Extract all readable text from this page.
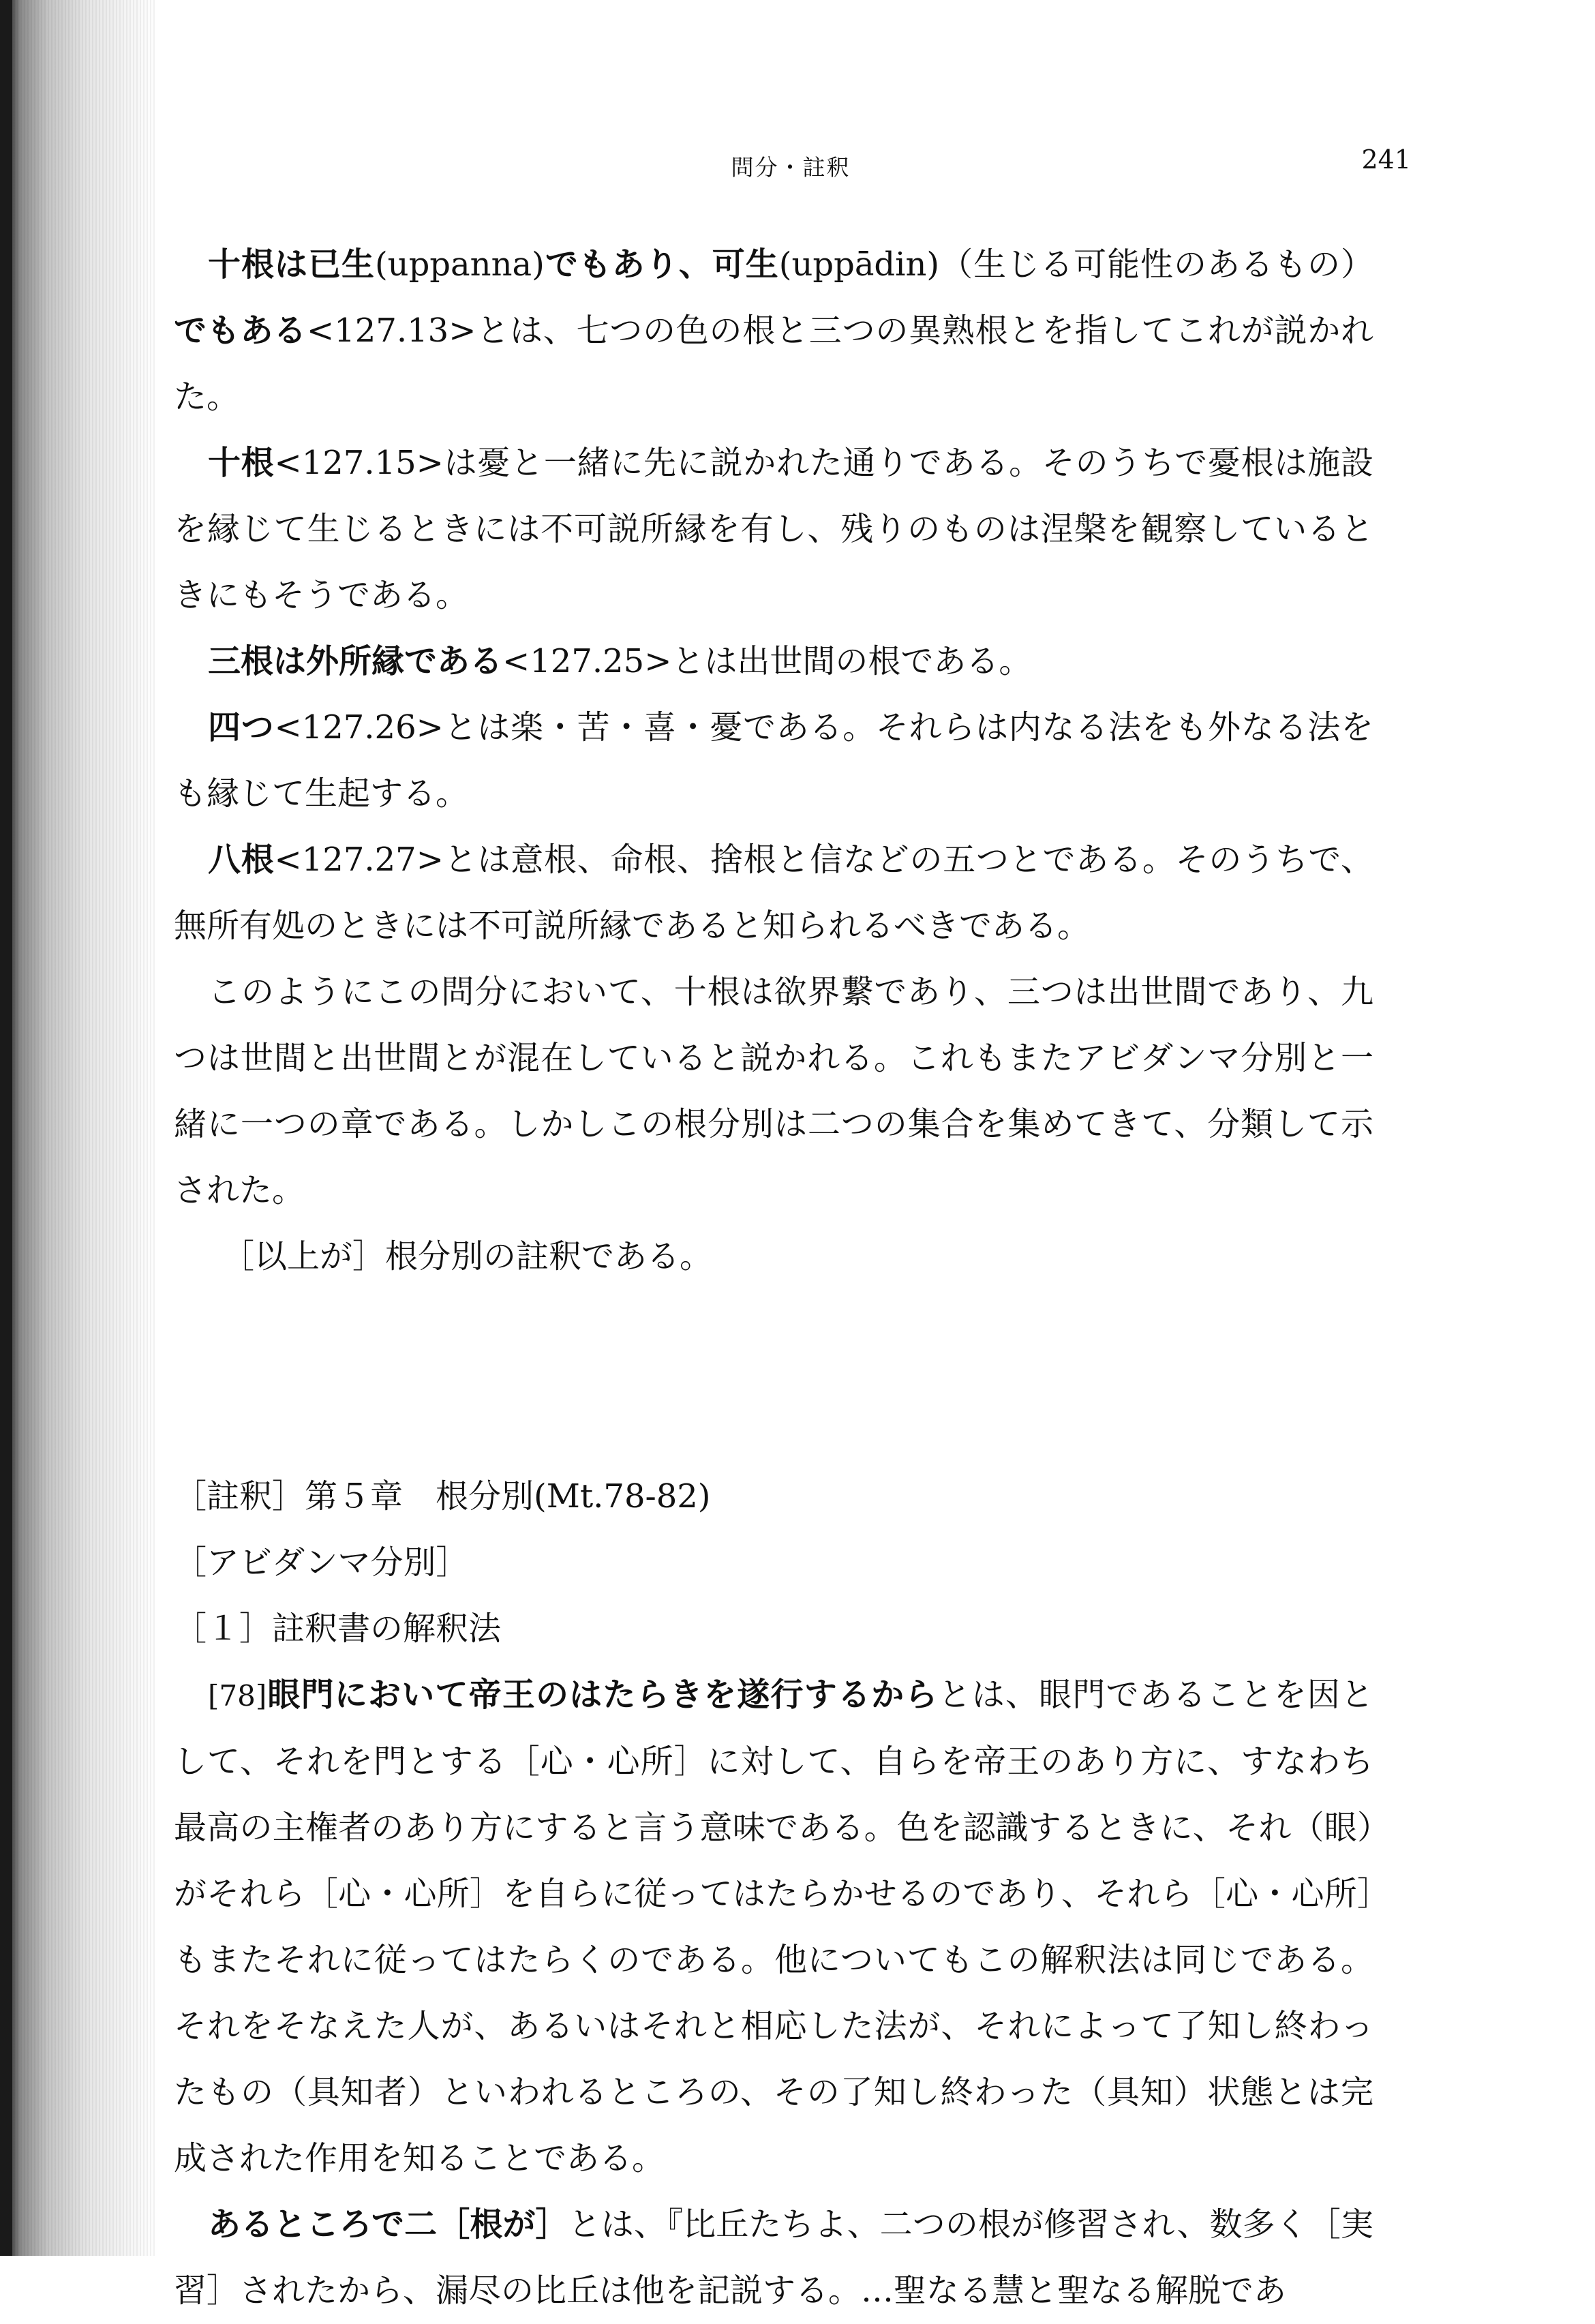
問分・註釈	241

十根は已生(uppanna)でもあり、可生(uppādin)（生じる可能性のあるもの）でもある<127.13>とは、七つの色の根と三つの異熟根とを指してこれが説かれた。

十根<127.15>は憂と一緒に先に説かれた通りである。そのうちで憂根は施設を縁じて生じるときには不可説所縁を有し、残りのものは涅槃を観察しているときにもそうである。

三根は外所縁である<127.25>とは出世間の根である。

四つ<127.26>とは楽・苦・喜・憂である。それらは内なる法をも外なる法をも縁じて生起する。

八根<127.27>とは意根、命根、捨根と信などの五つとである。そのうちで、無所有処のときには不可説所縁であると知られるべきである。

このようにこの問分において、十根は欲界繋であり、三つは出世間であり、九つは世間と出世間とが混在していると説かれる。これもまたアビダンマ分別と一緒に一つの章である。しかしこの根分別は二つの集合を集めてきて、分類して示された。

［以上が］根分別の註釈である。

［註釈］第５章　根分別(Mt.78-82)

［アビダンマ分別］

［１］註釈書の解釈法

[78]眼門において帝王のはたらきを遂行するからとは、眼門であることを因として、それを門とする［心・心所］に対して、自らを帝王のあり方に、すなわち最高の主権者のあり方にすると言う意味である。色を認識するときに、それ（眼）がそれら［心・心所］を自らに従ってはたらかせるのであり、それら［心・心所］もまたそれに従ってはたらくのである。他についてもこの解釈法は同じである。それをそなえた人が、あるいはそれと相応した法が、それによって了知し終わったもの（具知者）といわれるところの、その了知し終わった（具知）状態とは完成された作用を知ることである。

あるところで二［根が］とは、『比丘たちよ、二つの根が修習され、数多く［実習］されたから、漏尽の比丘は他を記説する。…聖なる慧と聖なる解脱であ
